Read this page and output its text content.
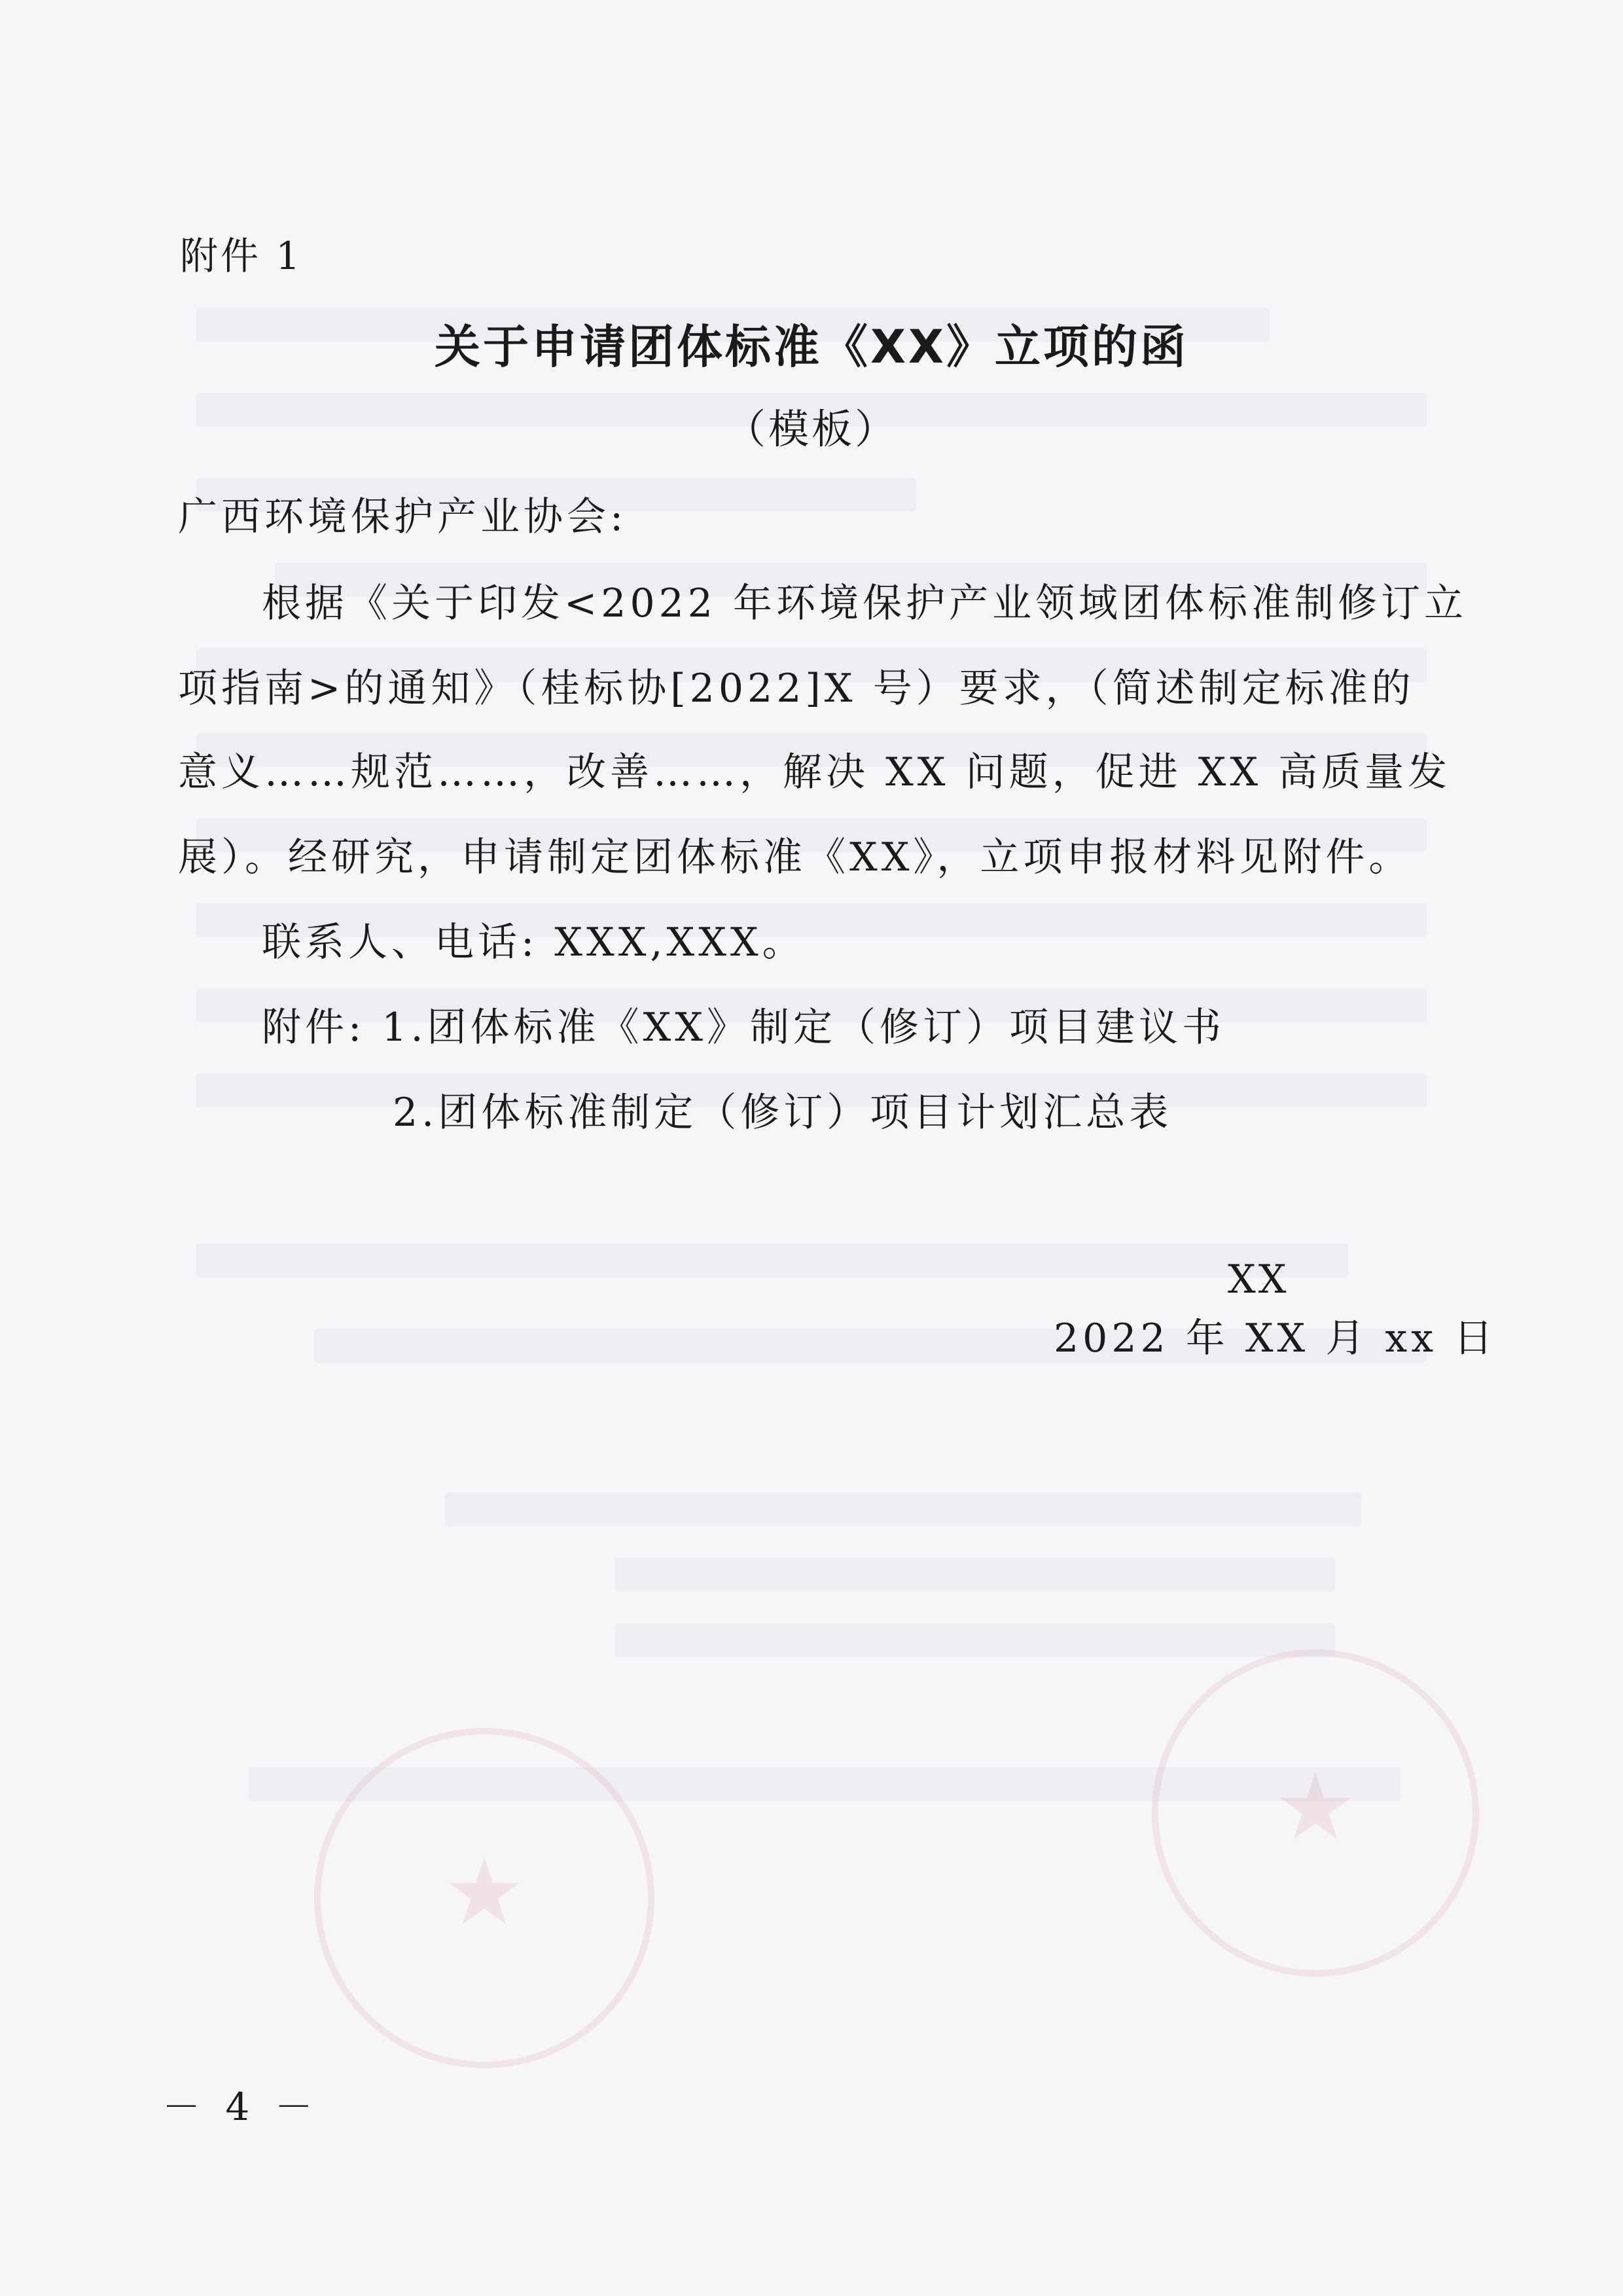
★
★
附件 1
关于申请团体标准《XX》立项的函
（模板）
广西环境保护产业协会:
根据《关于印发<2022 年环境保护产业领域团体标准制修订立
项指南>的通知》（桂标协[2022]X 号）要求，（简述制定标准的
意义……规范……，改善……，解决 XX 问题，促进 XX 高质量发
展）。经研究，申请制定团体标准《XX》，立项申报材料见附件。
联系人、电话: XXX,XXX。
附件: 1.团体标准《XX》制定（修订）项目建议书
2.团体标准制定（修订）项目计划汇总表
XX
2022 年 XX 月 xx 日
－ 4 －
